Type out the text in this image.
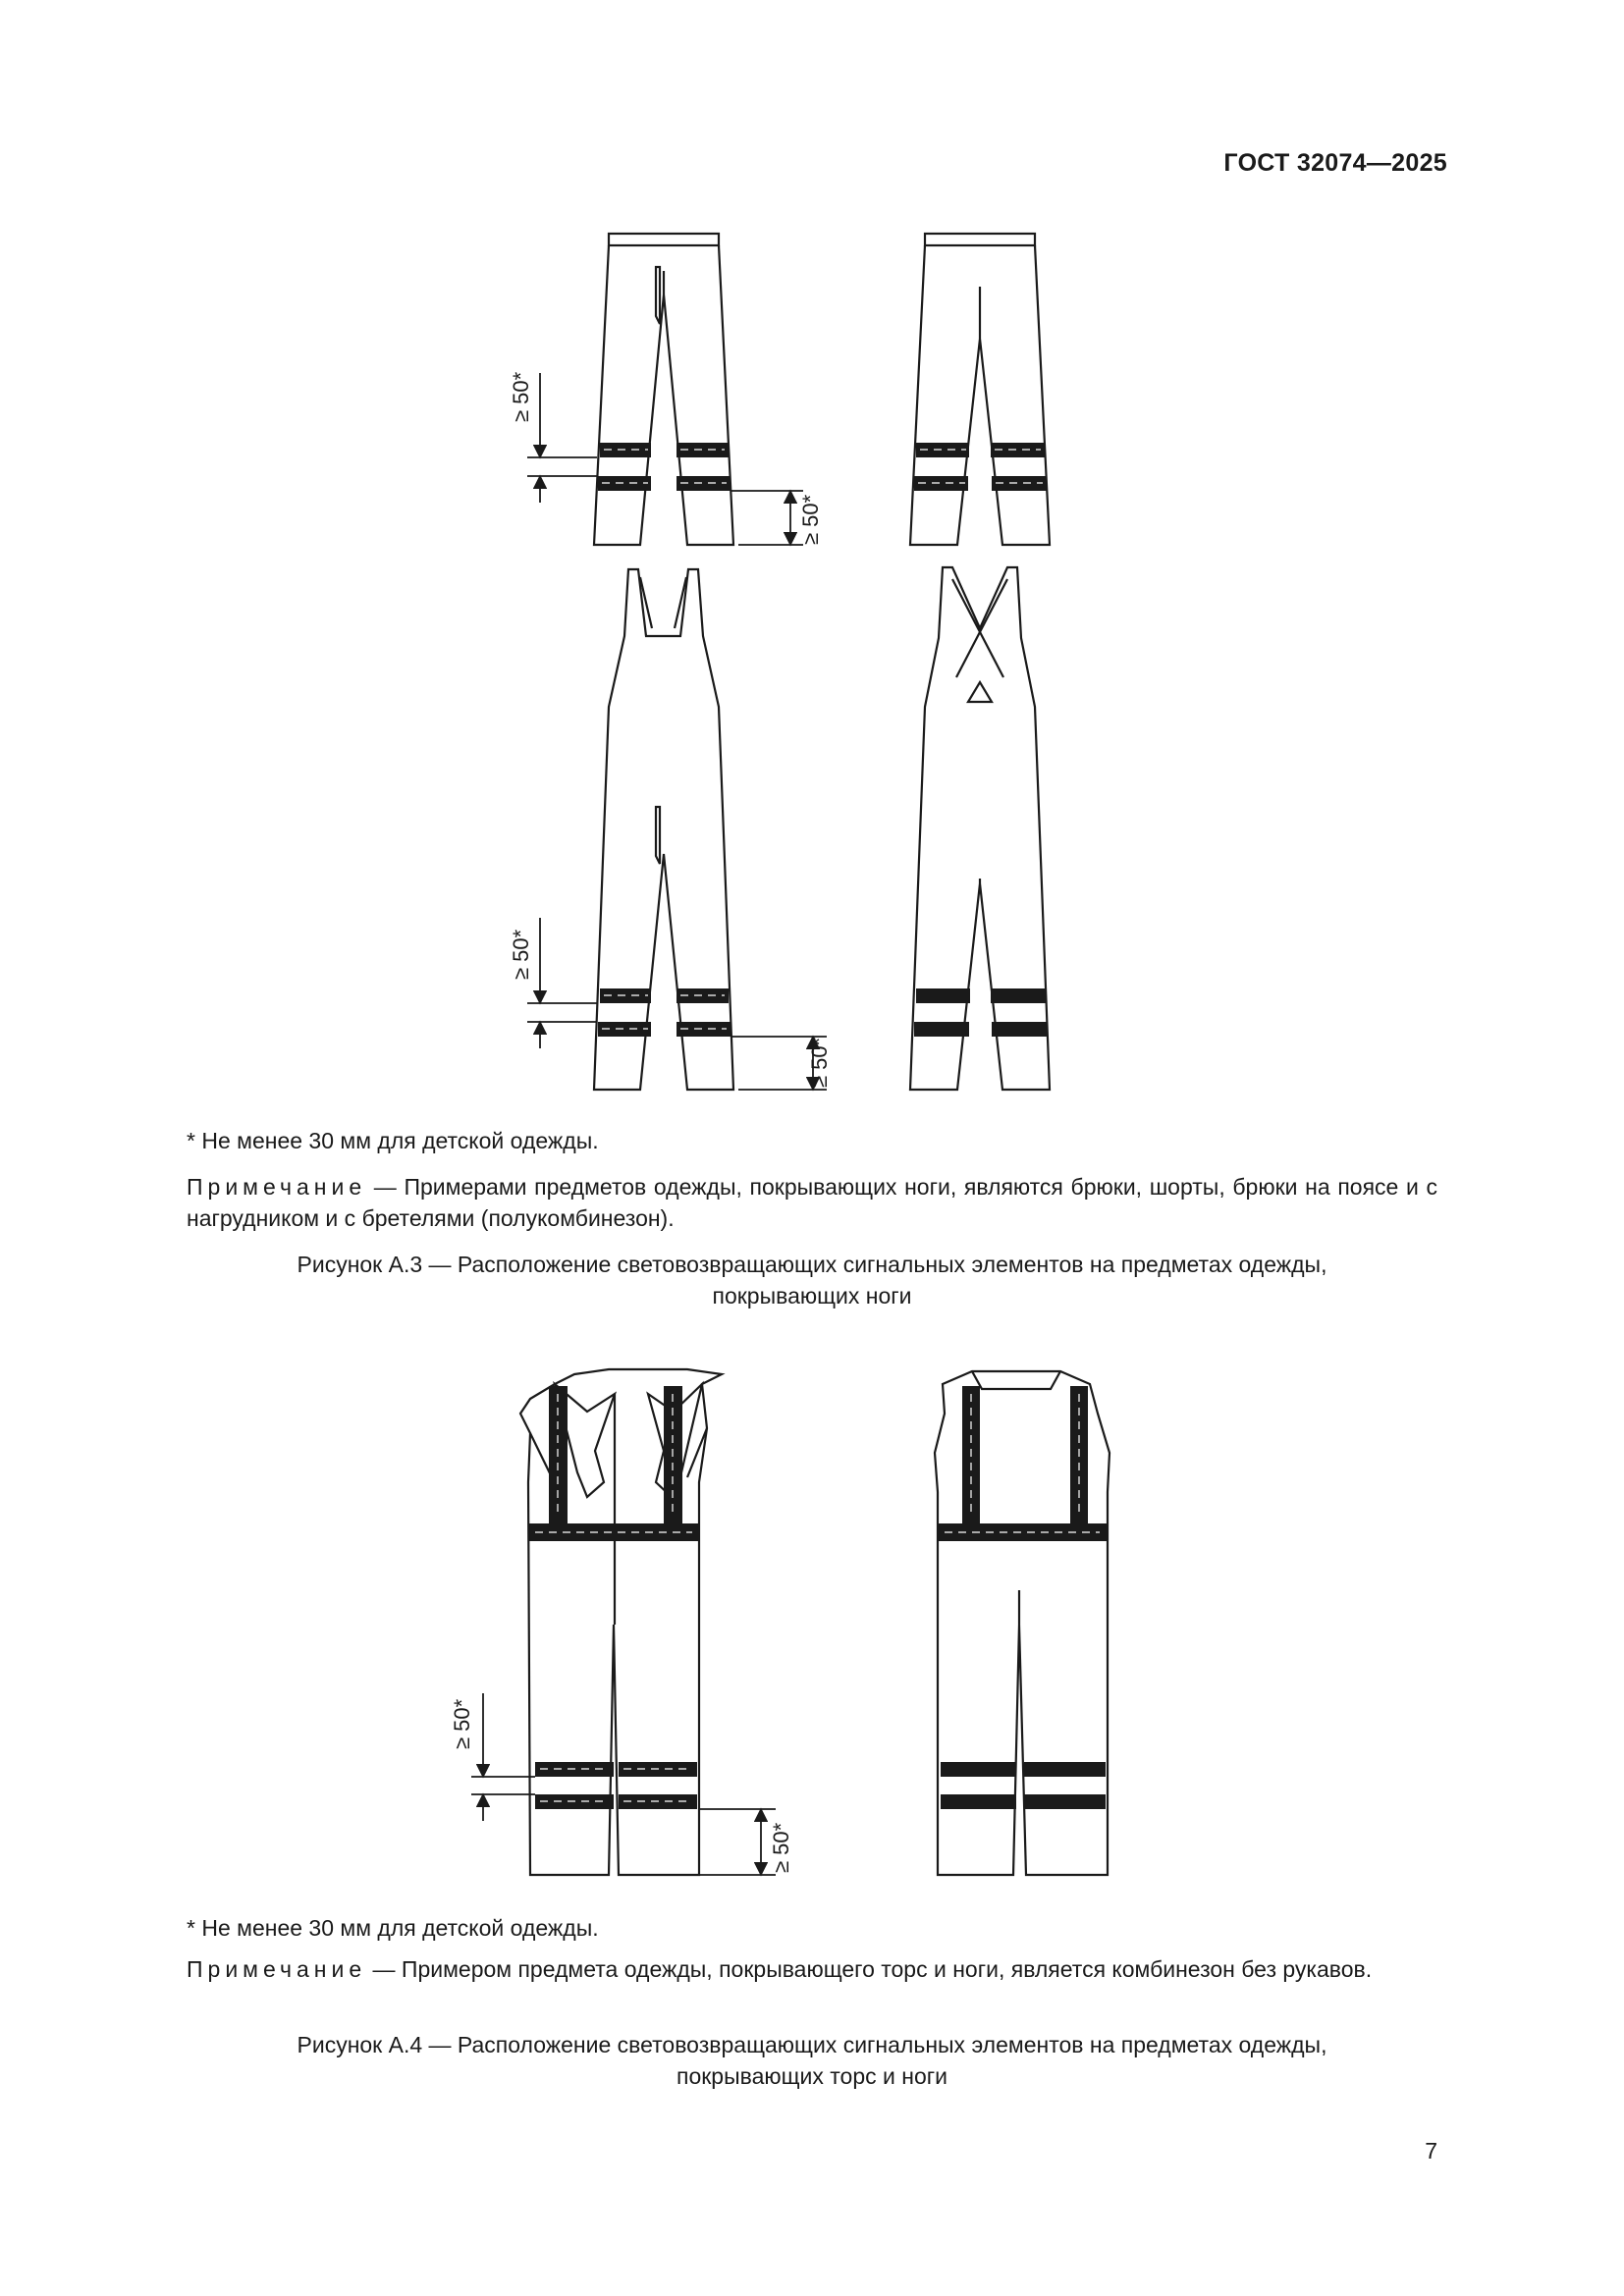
ГОСТ 32074—2025
≥ 50*
≥ 50*
≥ 50*
≥ 50*
* Не менее 30 мм для детской одежды.
Примечание — Примерами предметов одежды, покрывающих ноги, являются брюки, шорты, брюки на поясе и с нагрудником и с бретелями (полукомбинезон).
Рисунок А.3 — Расположение световозвращающих сигнальных элементов на предметах одежды,
покрывающих ноги
≥ 50*
≥ 50*
* Не менее 30 мм для детской одежды.
Примечание — Примером предмета одежды, покрывающего торс и ноги, является комбинезон без рукавов.
Рисунок А.4 — Расположение световозвращающих сигнальных элементов на предметах одежды,
покрывающих торс и ноги
7
